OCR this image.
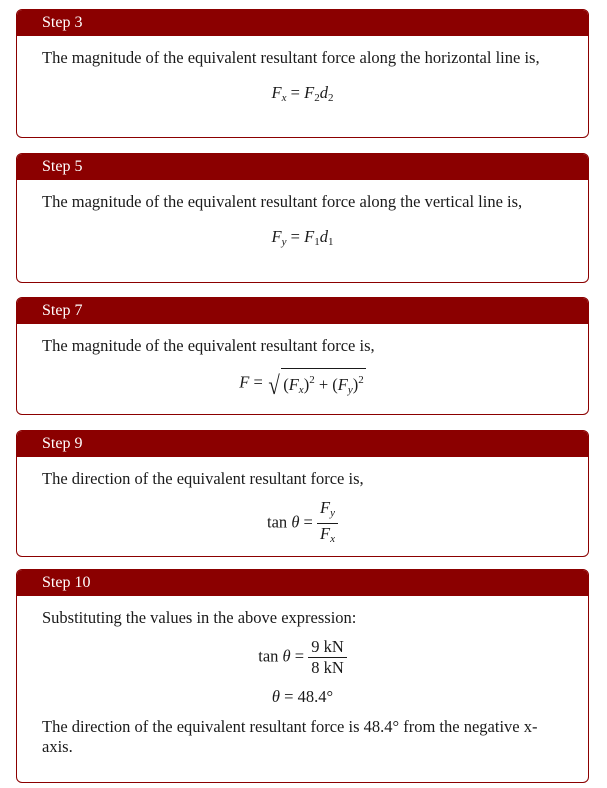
Step 3
The magnitude of the equivalent resultant force along the horizontal line is,
$F_x = F_2d_2$
Step 5
The magnitude of the equivalent resultant force along the vertical line is,
$F_y = F_1d_1$
Step 7
The magnitude of the equivalent resultant force is,
F = √ $(F_x)^2 + (F_y)^2$
Step 9
The direction of the equivalent resultant force is,
$\tan \theta = \frac{F_y}{F_x}$
Step 10
Substituting the values in the above expression:
$\tan \theta = \frac{9 kN}{8 kN}$
θ = 48.4°
The direction of the equivalent resultant force is 48.4° from the negative x-axis.
